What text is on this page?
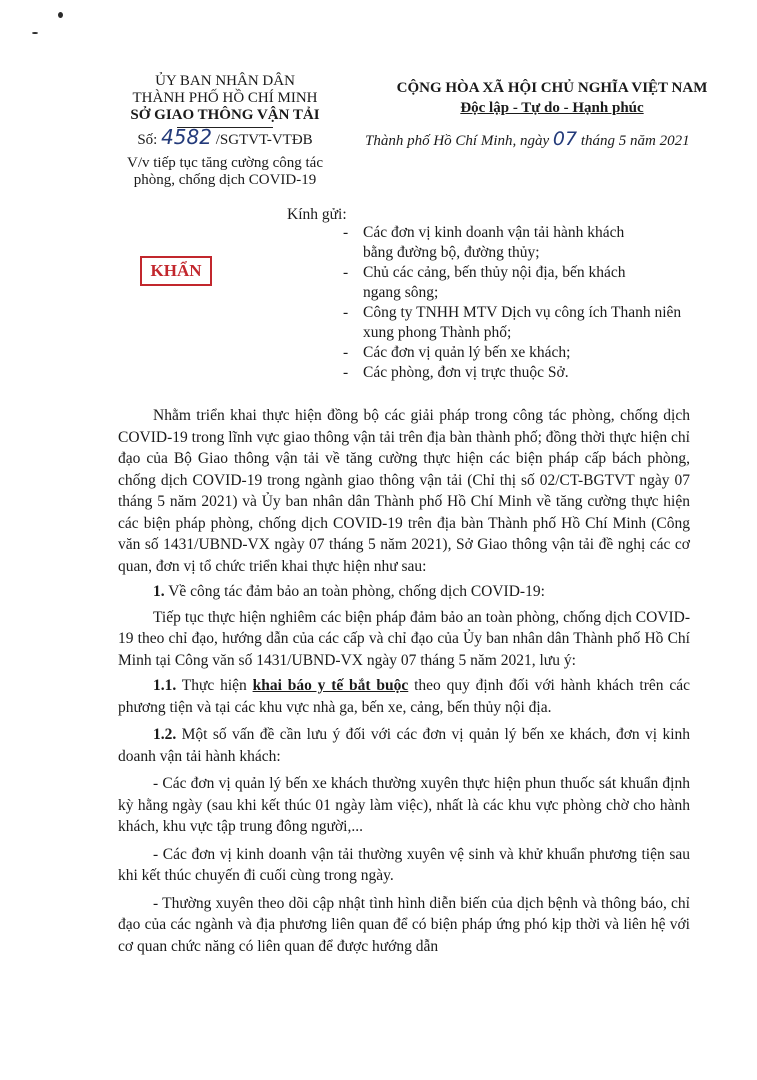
ỦY BAN NHÂN DÂN
THÀNH PHỐ HỒ CHÍ MINH
SỞ GIAO THÔNG VẬN TẢI
Số: 4582 /SGTVT-VTĐB
V/v tiếp tục tăng cường công tác
phòng, chống dịch COVID-19
CỘNG HÒA XÃ HỘI CHỦ NGHĨA VIỆT NAM
Độc lập - Tự do - Hạnh phúc
Thành phố Hồ Chí Minh, ngày 07 tháng 5 năm 2021
KHẨN
Kính gửi:
- Các đơn vị kinh doanh vận tải hành khách
bằng đường bộ, đường thủy;
- Chủ các cảng, bến thủy nội địa, bến khách
ngang sông;
- Công ty TNHH MTV Dịch vụ công ích Thanh niên
xung phong Thành phố;
- Các đơn vị quản lý bến xe khách;
- Các phòng, đơn vị trực thuộc Sở.

Nhằm triển khai thực hiện đồng bộ các giải pháp trong công tác phòng, chống dịch COVID-19 trong lĩnh vực giao thông vận tải trên địa bàn thành phố; đồng thời thực hiện chỉ đạo của Bộ Giao thông vận tải về tăng cường thực hiện các biện pháp cấp bách phòng, chống dịch COVID-19 trong ngành giao thông vận tải (Chỉ thị số 02/CT-BGTVT ngày 07 tháng 5 năm 2021) và Ủy ban nhân dân Thành phố Hồ Chí Minh về tăng cường thực hiện các biện pháp phòng, chống dịch COVID-19 trên địa bàn Thành phố Hồ Chí Minh (Công văn số 1431/UBND-VX ngày 07 tháng 5 năm 2021), Sở Giao thông vận tải đề nghị các cơ quan, đơn vị tổ chức triển khai thực hiện như sau:

1. Về công tác đảm bảo an toàn phòng, chống dịch COVID-19:

Tiếp tục thực hiện nghiêm các biện pháp đảm bảo an toàn phòng, chống dịch COVID-19 theo chỉ đạo, hướng dẫn của các cấp và chỉ đạo của Ủy ban nhân dân Thành phố Hồ Chí Minh tại Công văn số 1431/UBND-VX ngày 07 tháng 5 năm 2021, lưu ý:

1.1. Thực hiện khai báo y tế bắt buộc theo quy định đối với hành khách trên các phương tiện và tại các khu vực nhà ga, bến xe, cảng, bến thủy nội địa.

1.2. Một số vấn đề cần lưu ý đối với các đơn vị quản lý bến xe khách, đơn vị kinh doanh vận tải hành khách:

- Các đơn vị quản lý bến xe khách thường xuyên thực hiện phun thuốc sát khuẩn định kỳ hằng ngày (sau khi kết thúc 01 ngày làm việc), nhất là các khu vực phòng chờ cho hành khách, khu vực tập trung đông người,...

- Các đơn vị kinh doanh vận tải thường xuyên vệ sinh và khử khuẩn phương tiện sau khi kết thúc chuyến đi cuối cùng trong ngày.

- Thường xuyên theo dõi cập nhật tình hình diễn biến của dịch bệnh và thông báo, chỉ đạo của các ngành và địa phương liên quan để có biện pháp ứng phó kịp thời và liên hệ với cơ quan chức năng có liên quan để được hướng dẫn
